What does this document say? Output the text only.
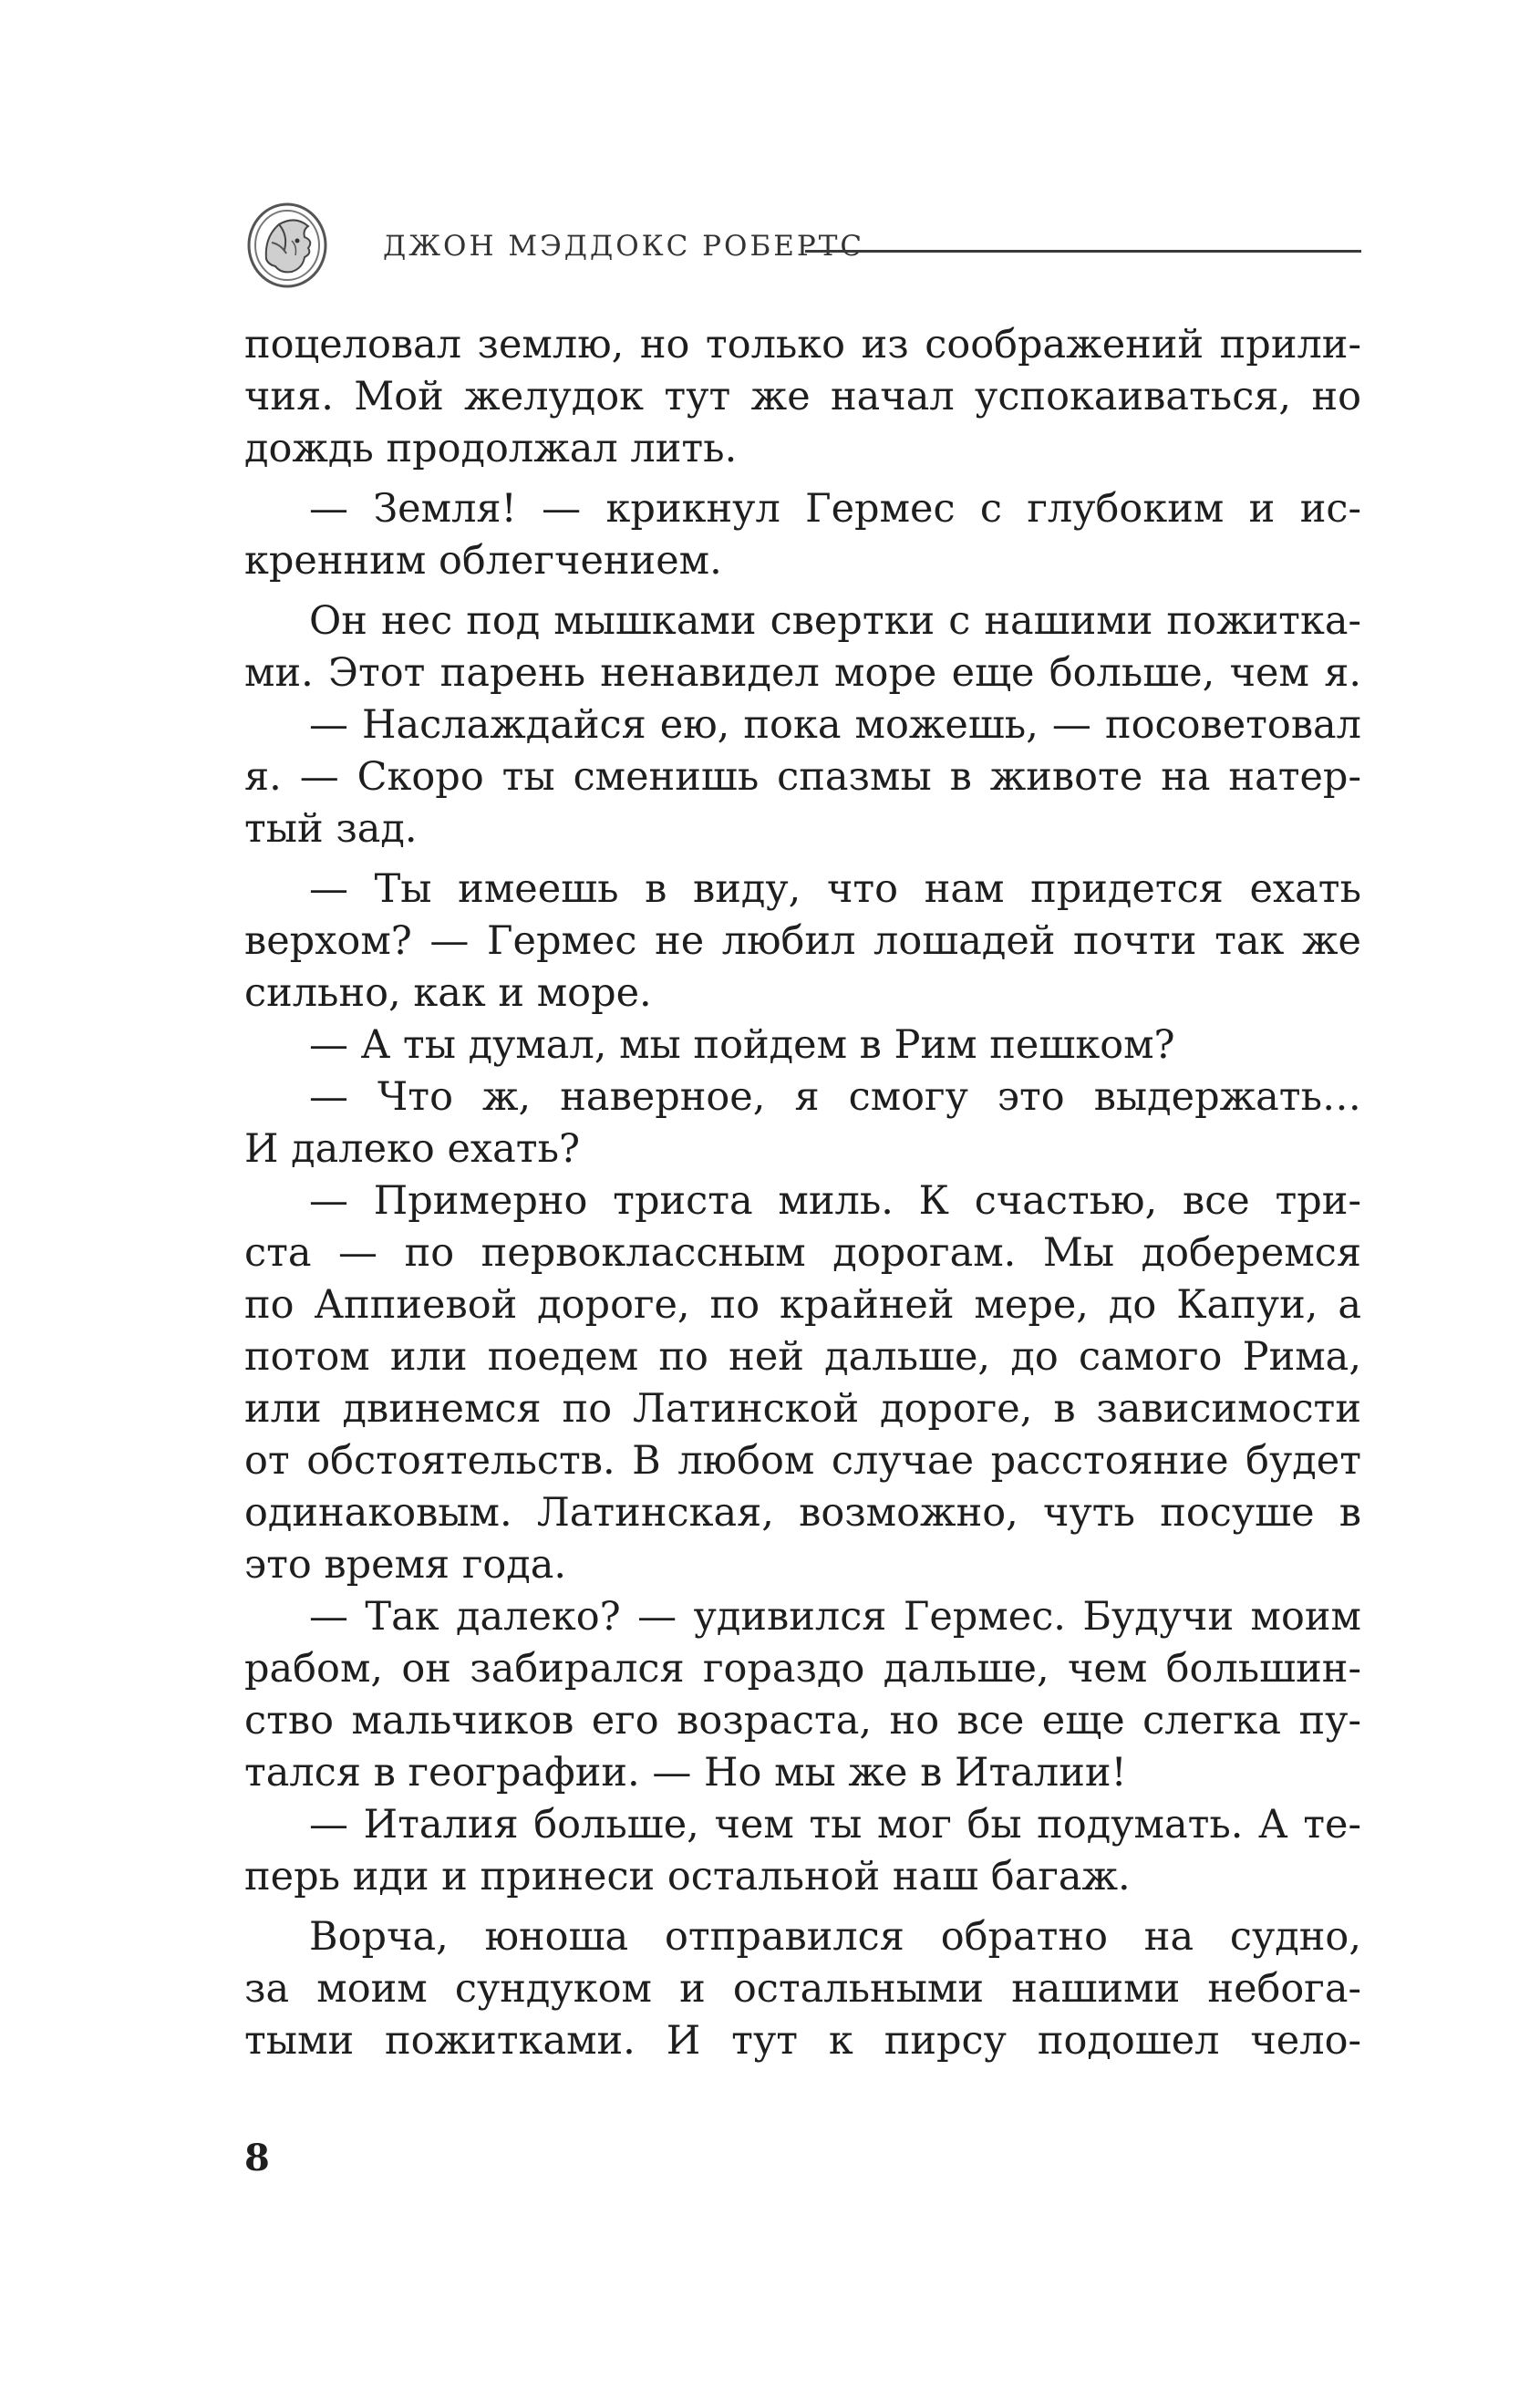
ДЖОН МЭДДОКС РОБЕРТС
поцеловал землю, но только из соображений прили-
чия. Мой желудок тут же начал успокаиваться, но
дождь продолжал лить.
— Земля! — крикнул Гермес с глубоким и ис-
кренним облегчением.
Он нес под мышками свертки с нашими пожитка-
ми. Этот парень ненавидел море еще больше, чем я.
— Наслаждайся ею, пока можешь, — посоветовал
я. — Скоро ты сменишь спазмы в животе на натер-
тый зад.
— Ты имеешь в виду, что нам придется ехать
верхом? — Гермес не любил лошадей почти так же
сильно, как и море.
— А ты думал, мы пойдем в Рим пешком?
— Что ж, наверное, я смогу это выдержать…
И далеко ехать?
— Примерно триста миль. К счастью, все три-
ста — по первоклассным дорогам. Мы доберемся
по Аппиевой дороге, по крайней мере, до Капуи, а
потом или поедем по ней дальше, до самого Рима,
или двинемся по Латинской дороге, в зависимости
от обстоятельств. В любом случае расстояние будет
одинаковым. Латинская, возможно, чуть посуше в
это время года.
— Так далеко? — удивился Гермес. Будучи моим
рабом, он забирался гораздо дальше, чем большин-
ство мальчиков его возраста, но все еще слегка пу-
тался в географии. — Но мы же в Италии!
— Италия больше, чем ты мог бы подумать. А те-
перь иди и принеси остальной наш багаж.
Ворча, юноша отправился обратно на судно,
за моим сундуком и остальными нашими небога-
тыми пожитками. И тут к пирсу подошел чело-
8
